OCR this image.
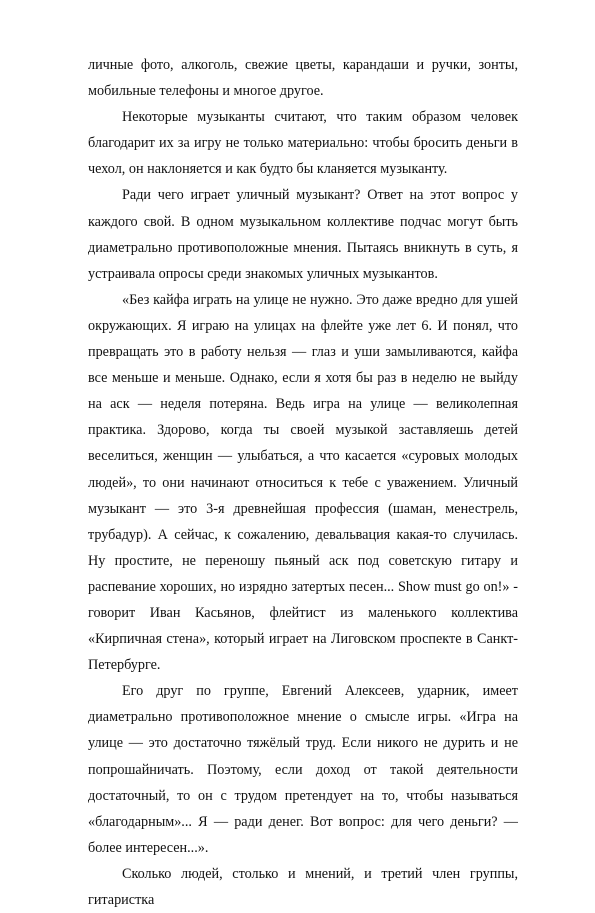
личные фото, алкоголь, свежие цветы, карандаши и ручки, зонты, мобильные телефоны и многое другое.

Некоторые музыканты считают, что таким образом человек благодарит их за игру не только материально: чтобы бросить деньги в чехол, он наклоняется и как будто бы кланяется музыканту.

Ради чего играет уличный музыкант? Ответ на этот вопрос у каждого свой. В одном музыкальном коллективе подчас могут быть диаметрально противоположные мнения. Пытаясь вникнуть в суть, я устраивала опросы среди знакомых уличных музыкантов.

«Без кайфа играть на улице не нужно. Это даже вредно для ушей окружающих. Я играю на улицах на флейте уже лет 6. И понял, что превращать это в работу нельзя — глаз и уши замыливаются, кайфа все меньше и меньше. Однако, если я хотя бы раз в неделю не выйду на аск — неделя потеряна. Ведь игра на улице — великолепная практика. Здорово, когда ты своей музыкой заставляешь детей веселиться, женщин — улыбаться, а что касается «суровых молодых людей», то они начинают относиться к тебе с уважением. Уличный музыкант — это 3-я древнейшая профессия (шаман, менестрель, трубадур). А сейчас, к сожалению, девальвация какая-то случилась. Ну простите, не переношу пьяный аск под советскую гитару и распевание хороших, но изрядно затертых песен... Show must go on!» - говорит Иван Касьянов, флейтист из маленького коллектива «Кирпичная стена», который играет на Лиговском проспекте в Санкт-Петербурге.

Его друг по группе, Евгений Алексеев, ударник, имеет диаметрально противоположное мнение о смысле игры. «Игра на улице — это достаточно тяжёлый труд. Если никого не дурить и не попрошайничать. Поэтому, если доход от такой деятельности достаточный, то он с трудом претендует на то, чтобы называться «благодарным»... Я — ради денег. Вот вопрос: для чего деньги? — более интересен...».

Сколько людей, столько и мнений, и третий член группы, гитаристка
